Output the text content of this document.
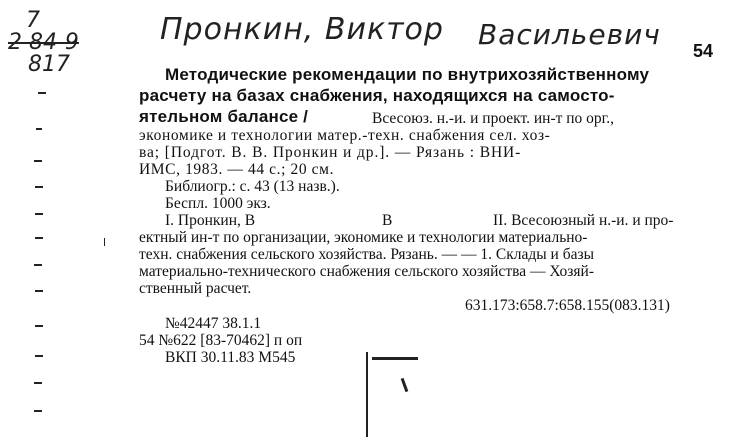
Пронкин, Виктор Васильевич
7
2 84-9
817
54
Методические рекомендации по внутрихозяйственному
расчету на базах снабжения, находящихся на самосто-
ятельном балансе /	Всесоюз. н.-и. и проект. ин-т по орг.,
экономике и технологии матер.-техн. снабжения сел. хоз-
ва; [Подгот. В. В. Пронкин и др.]. — Рязань : ВНИ-
ИМС, 1983. — 44 с.; 20 см.
Библиогр.: с. 43 (13 назв.).
Беспл. 1000 экз.
I. Пронкин, В	В	II. Всесоюзный н.-и. и про-
ектный ин-т по организации, экономике и технологии материально-
техн. снабжения сельского хозяйства. Рязань. — — 1. Склады и базы
материально-технического снабжения сельского хозяйства — Хозяй-
ственный расчет.
631.173:658.7:658.155(083.131)
№42447 38.1.1
54 №622 [83-70462] п оп
ВКП 30.11.83 М545
